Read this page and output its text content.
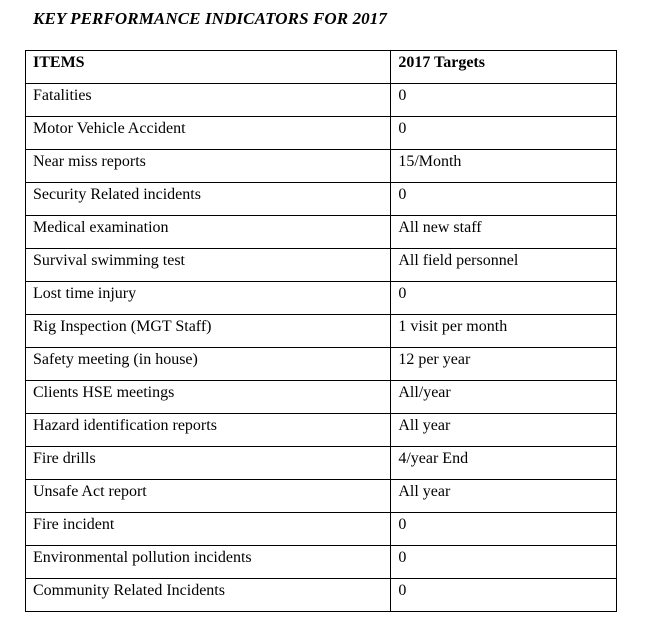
KEY PERFORMANCE INDICATORS FOR 2017
ITEMS	2017 Targets
Fatalities	0
Motor Vehicle Accident	0
Near miss reports	15/Month
Security Related incidents	0
Medical examination	All new staff
Survival swimming test	All field personnel
Lost time injury	0
Rig Inspection (MGT Staff)	1 visit per month
Safety meeting (in house)	12 per year
Clients HSE meetings	All/year
Hazard identification reports	All year
Fire drills	4/year End
Unsafe Act report	All year
Fire incident	0
Environmental pollution incidents	0
Community Related Incidents	0
